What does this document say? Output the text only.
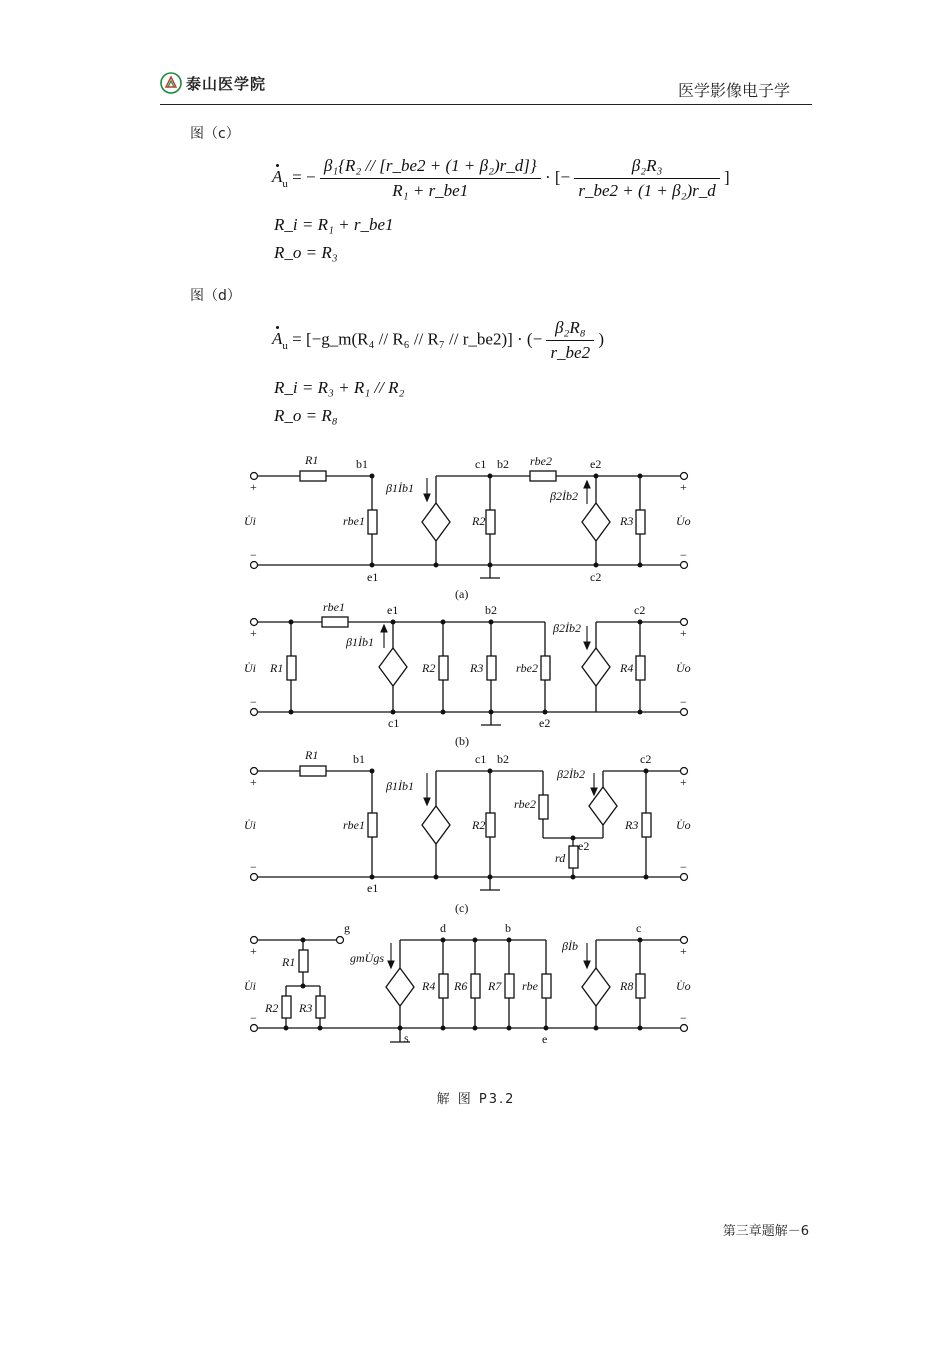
泰山医学院	医学影像电子学
图（c）
$A_u$ = − $\frac{\text{β₁\{R₂ // [r\_be2 + (1 + β₂)r\_d]\}}}{\text{R₁ + r\_be1}}$ · [− $\frac{\text{β₂R₃}}{\text{r\_be2 + (1 + β₂)r\_d}}$ ]
R_i = R₁ + r_be1
R_o = R₃
图（d）
$A_u$ = [−g_m(R₄ // R₆ // R₇ // r_be2)] · (− $\frac{\text{β₂R₈}}{r\_be2}$ )
R_i = R₃ + R₁ // R₂
R_o = R₈
R1	b1	c1 b2 rbe2	e2
β1İb1
β2İb2
rbe1	R2	R3
e1	c2
U̇i	U̇o
+
−
+
−
(a)
rbe1	e1	b2	c2
β1İb1
β2İb2
R1	R2	R3	rbe2	R4
c1	e2
U̇i	U̇o
+
−
+
−
(b)
R1	b1	c1 b2
β2İb2
c2
β1İb1
rbe2
rbe1	R2	R3
e2
rd
e1
U̇i	U̇o
+
−
+
−
(c)
g	d	b	c
R1	gmU̇gs
βİb
R2 R3
R4 R6 R7 rbe	R8
s	e
U̇i	U̇o
+
−
+
−
解 图 P3.2
第三章题解－6
